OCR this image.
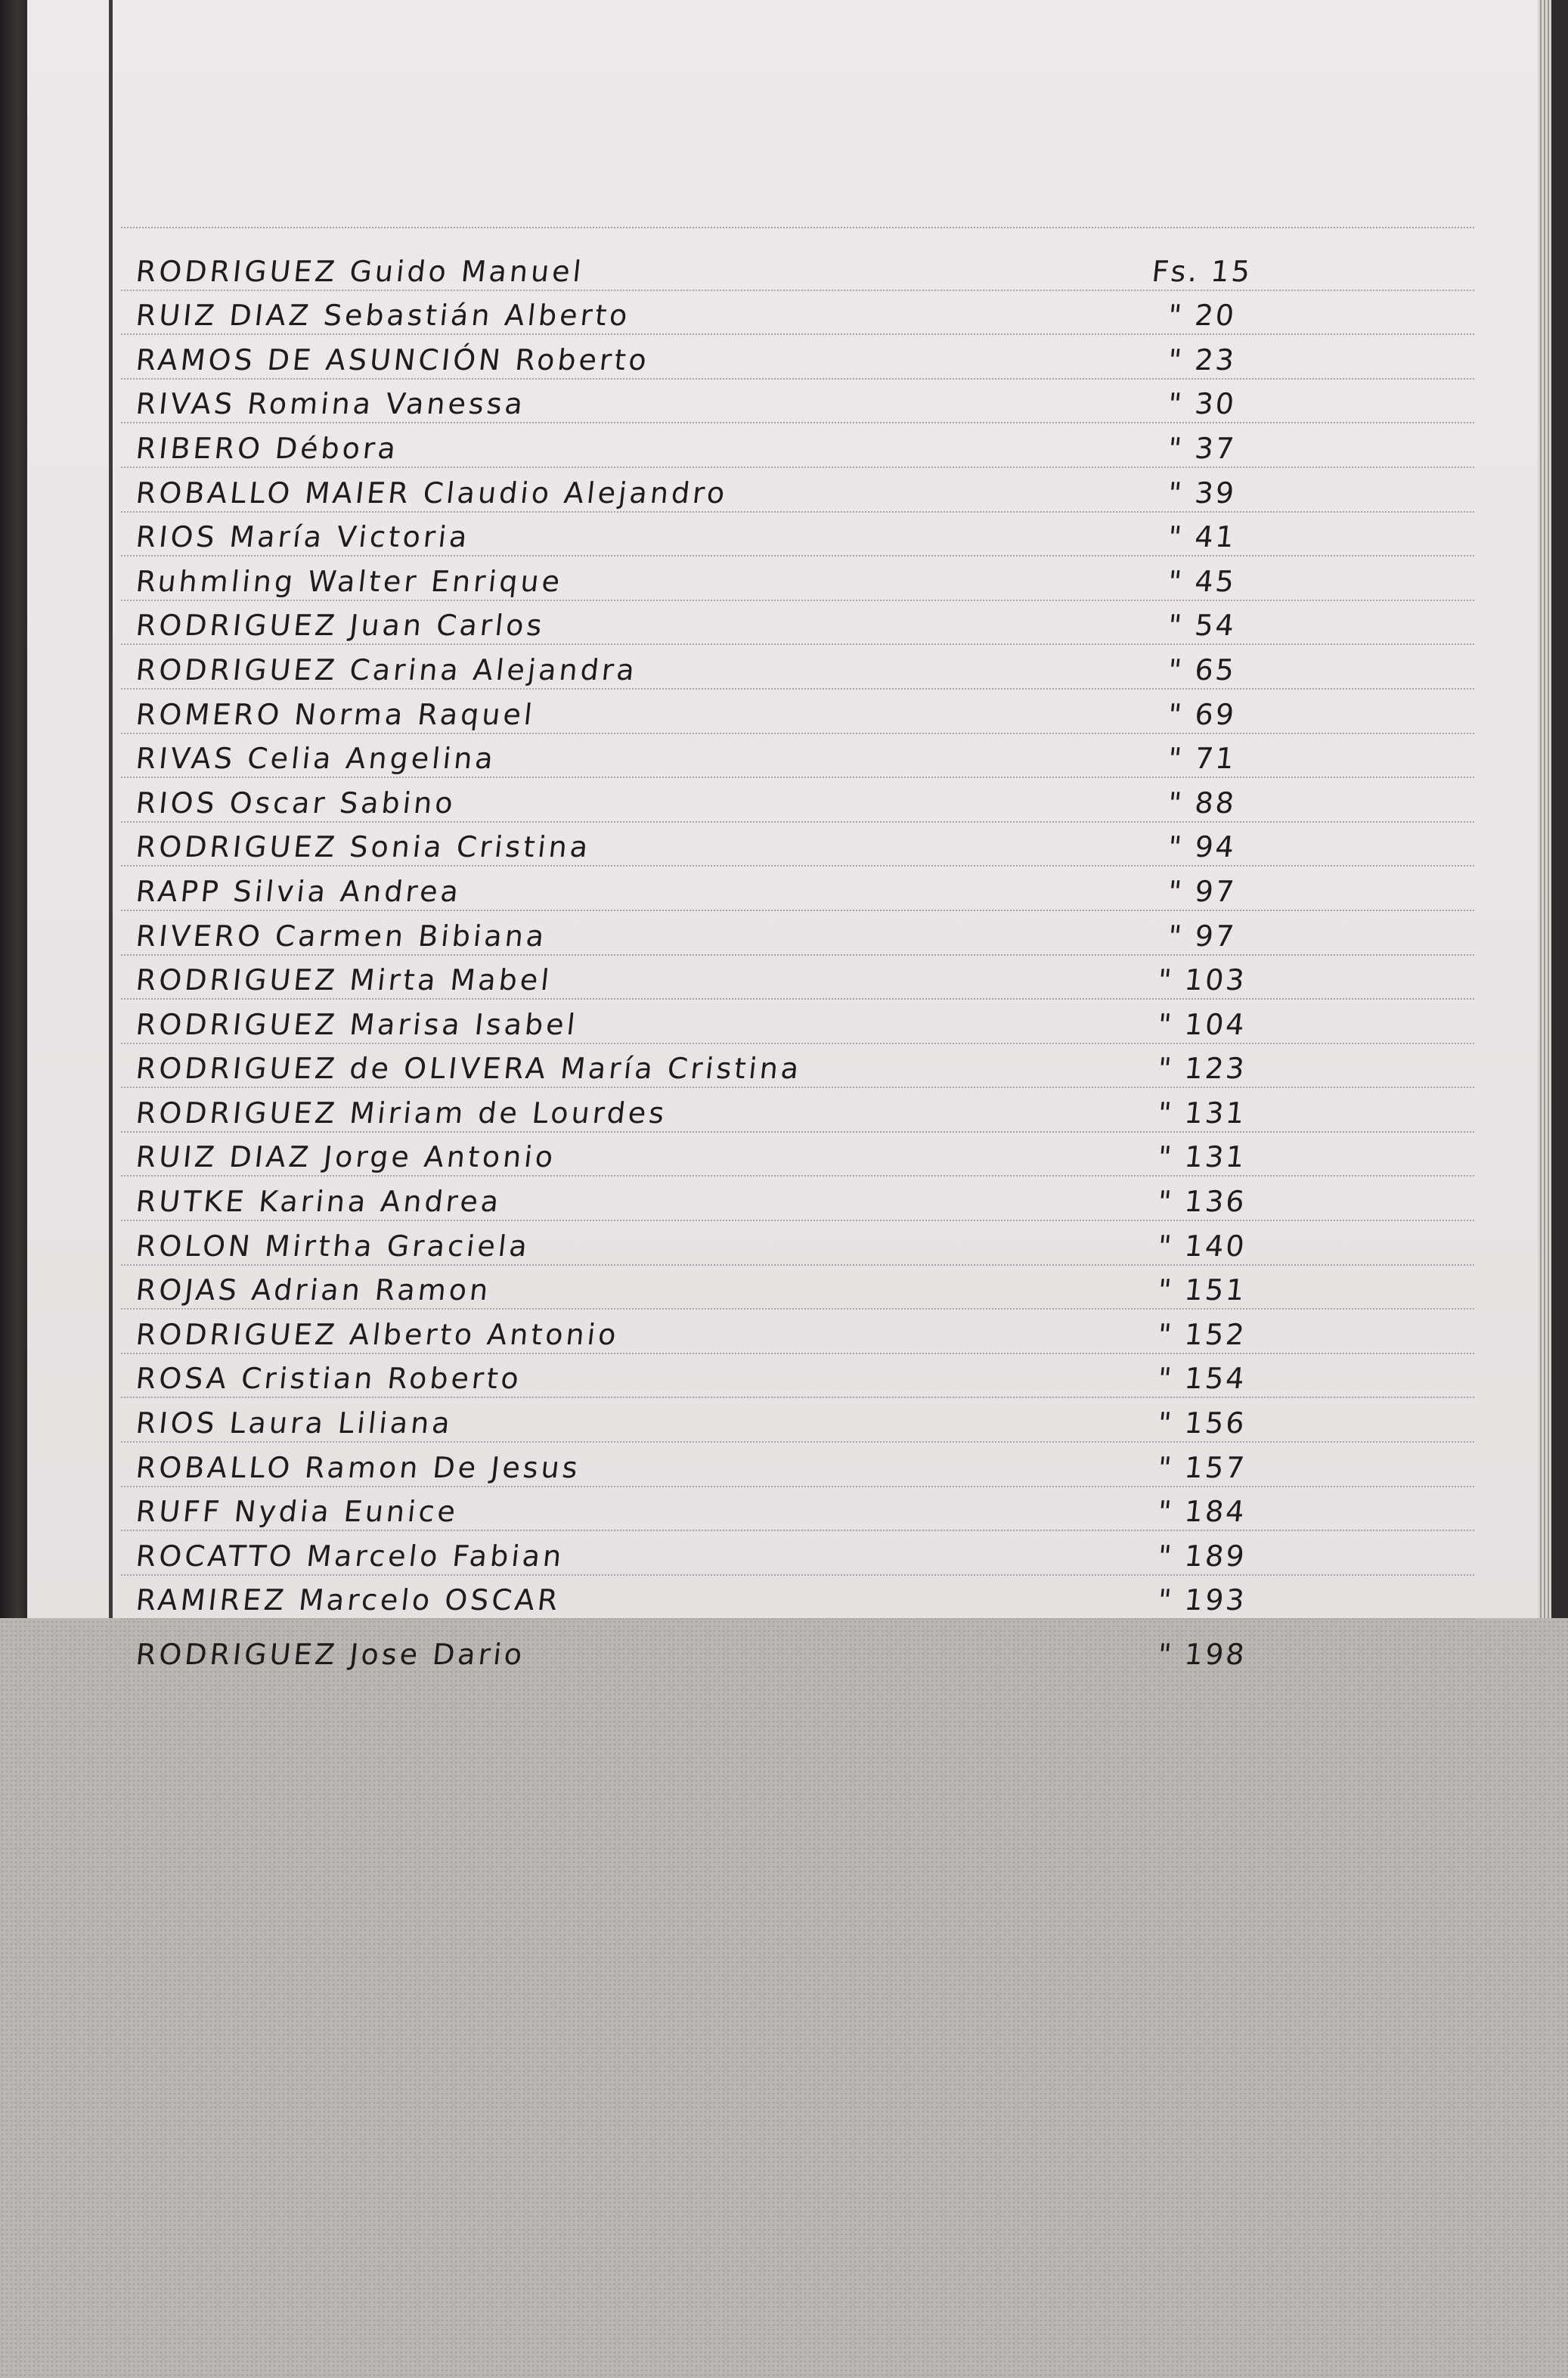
RODRIGUEZ Guido Manuel	Fs. 15
RUIZ DIAZ Sebastián Alberto	" 20
RAMOS DE ASUNCIÓN Roberto	" 23
RIVAS Romina Vanessa	" 30
RIBERO Débora	" 37
ROBALLO MAIER Claudio Alejandro	" 39
RIOS María Victoria	" 41
Ruhmling Walter Enrique	" 45
RODRIGUEZ Juan Carlos	" 54
RODRIGUEZ Carina Alejandra	" 65
ROMERO Norma Raquel	" 69
RIVAS Celia Angelina	" 71
RIOS Oscar Sabino	" 88
RODRIGUEZ Sonia Cristina	" 94
RAPP Silvia Andrea	" 97
RIVERO Carmen Bibiana	" 97
RODRIGUEZ Mirta Mabel	" 103
RODRIGUEZ Marisa Isabel	" 104
RODRIGUEZ de OLIVERA María Cristina	" 123
RODRIGUEZ Miriam de Lourdes	" 131
RUIZ DIAZ Jorge Antonio	" 131
RUTKE Karina Andrea	" 136
ROLON Mirtha Graciela	" 140
ROJAS Adrian Ramon	" 151
RODRIGUEZ Alberto Antonio	" 152
ROSA Cristian Roberto	" 154
RIOS Laura Liliana	" 156
ROBALLO Ramon De Jesus	" 157
RUFF Nydia Eunice	" 184
ROCATTO Marcelo Fabian	" 189
RAMIREZ Marcelo OSCAR	" 193
RODRIGUEZ Jose Dario	" 198
